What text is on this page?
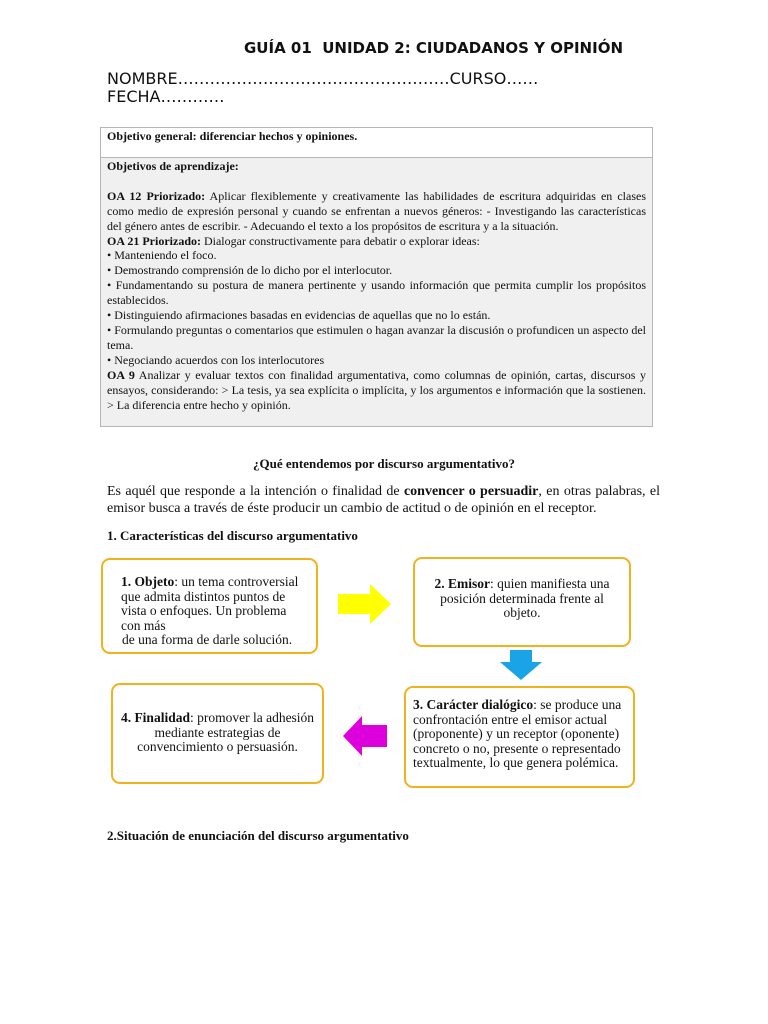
GUÍA 01  UNIDAD 2: CIUDADANOS Y OPINIÓN
NOMBRE……………………………………………CURSO……
FECHA…………
Objetivo general: diferenciar hechos y opiniones.

Objetivos de aprendizaje:

OA 12 Priorizado: Aplicar flexiblemente y creativamente las habilidades de escritura adquiridas en clases como medio de expresión personal y cuando se enfrentan a nuevos géneros: - Investigando las características del género antes de escribir. - Adecuando el texto a los propósitos de escritura y a la situación.

OA 21 Priorizado: Dialogar constructivamente para debatir o explorar ideas:

• Manteniendo el foco.

• Demostrando comprensión de lo dicho por el interlocutor.

• Fundamentando su postura de manera pertinente y usando información que permita cumplir los propósitos establecidos.

• Distinguiendo afirmaciones basadas en evidencias de aquellas que no lo están.

• Formulando preguntas o comentarios que estimulen o hagan avanzar la discusión o profundicen un aspecto del tema.

• Negociando acuerdos con los interlocutores

OA 9 Analizar y evaluar textos con finalidad argumentativa, como columnas de opinión, cartas, discursos y ensayos, considerando: > La tesis, ya sea explícita o implícita, y los argumentos e información que la sostienen. > La diferencia entre hecho y opinión.

¿Qué entendemos por discurso argumentativo?
Es aquél que responde a la intención o finalidad de convencer o persuadir, en otras palabras, el emisor busca a través de éste producir un cambio de actitud o de opinión en el receptor.
1. Características del discurso argumentativo
1. Objeto: un tema controversial que admita distintos puntos de vista o enfoques. Un problema con más
de una forma de darle solución.
2. Emisor: quien manifiesta una posición determinada frente al objeto.
3. Carácter dialógico: se produce una confrontación entre el emisor actual (proponente) y un receptor (oponente) concreto o no, presente o representado textualmente, lo que genera polémica.
4. Finalidad: promover la adhesión mediante estrategias de convencimiento o persuasión.
2.Situación de enunciación del discurso argumentativo
